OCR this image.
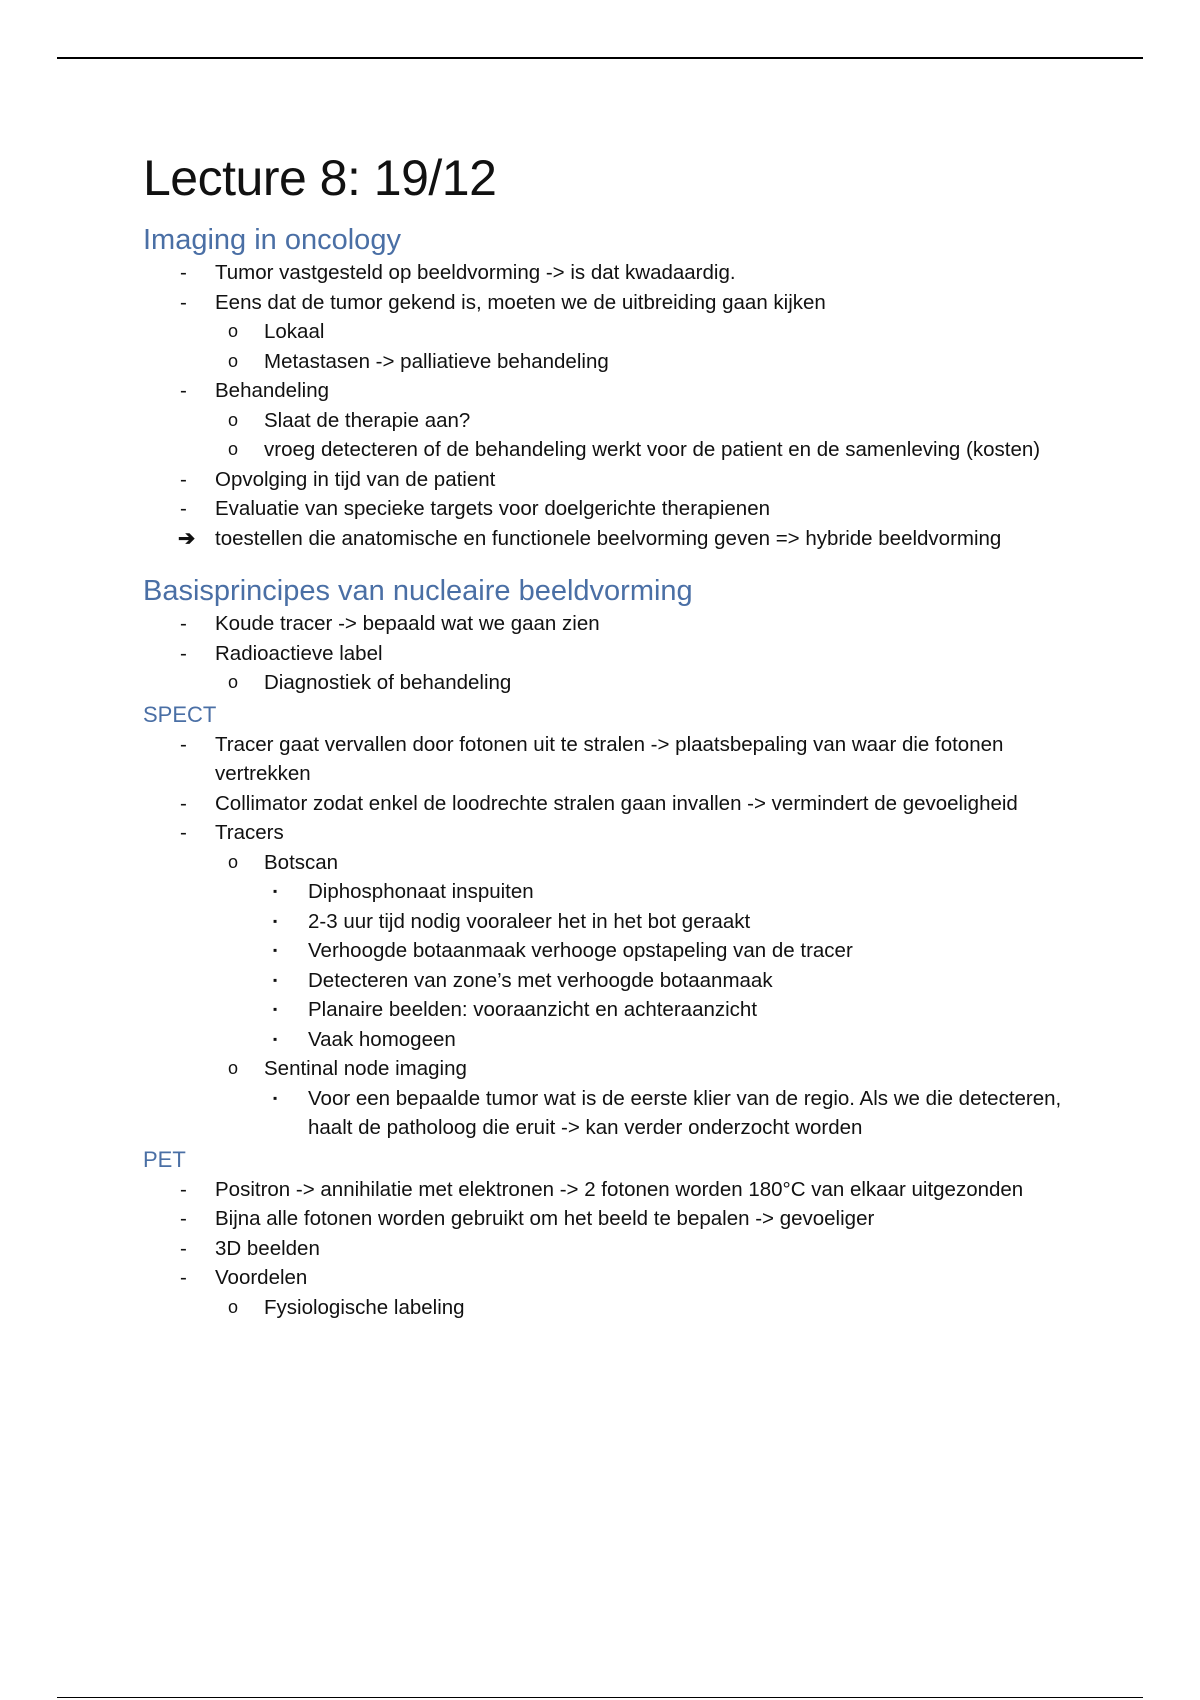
Lecture 8: 19/12
Imaging in oncology
- Tumor vastgesteld op beeldvorming -> is dat kwadaardig.
- Eens dat de tumor gekend is, moeten we de uitbreiding gaan kijken
o Lokaal
o Metastasen -> palliatieve behandeling
- Behandeling
o Slaat de therapie aan?
o vroeg detecteren of de behandeling werkt voor de patient en de samenleving (kosten)
- Opvolging in tijd van de patient
- Evaluatie van specieke targets voor doelgerichte therapienen
➔ toestellen die anatomische en functionele beelvorming geven => hybride beeldvorming
Basisprincipes van nucleaire beeldvorming
- Koude tracer -> bepaald wat we gaan zien
- Radioactieve label
o Diagnostiek of behandeling
SPECT
- Tracer gaat vervallen door fotonen uit te stralen -> plaatsbepaling van waar die fotonen vertrekken
- Collimator zodat enkel de loodrechte stralen gaan invallen -> vermindert de gevoeligheid
- Tracers
o Botscan
▪ Diphosphonaat inspuiten
▪ 2-3 uur tijd nodig vooraleer het in het bot geraakt
▪ Verhoogde botaanmaak verhooge opstapeling van de tracer
▪ Detecteren van zone’s met verhoogde botaanmaak
▪ Planaire beelden: vooraanzicht en achteraanzicht
▪ Vaak homogeen
o Sentinal node imaging
▪ Voor een bepaalde tumor wat is de eerste klier van de regio. Als we die detecteren, haalt de patholoog die eruit -> kan verder onderzocht worden
PET
- Positron -> annihilatie met elektronen -> 2 fotonen worden 180°C van elkaar uitgezonden
- Bijna alle fotonen worden gebruikt om het beeld te bepalen -> gevoeliger
- 3D beelden
- Voordelen
o Fysiologische labeling
